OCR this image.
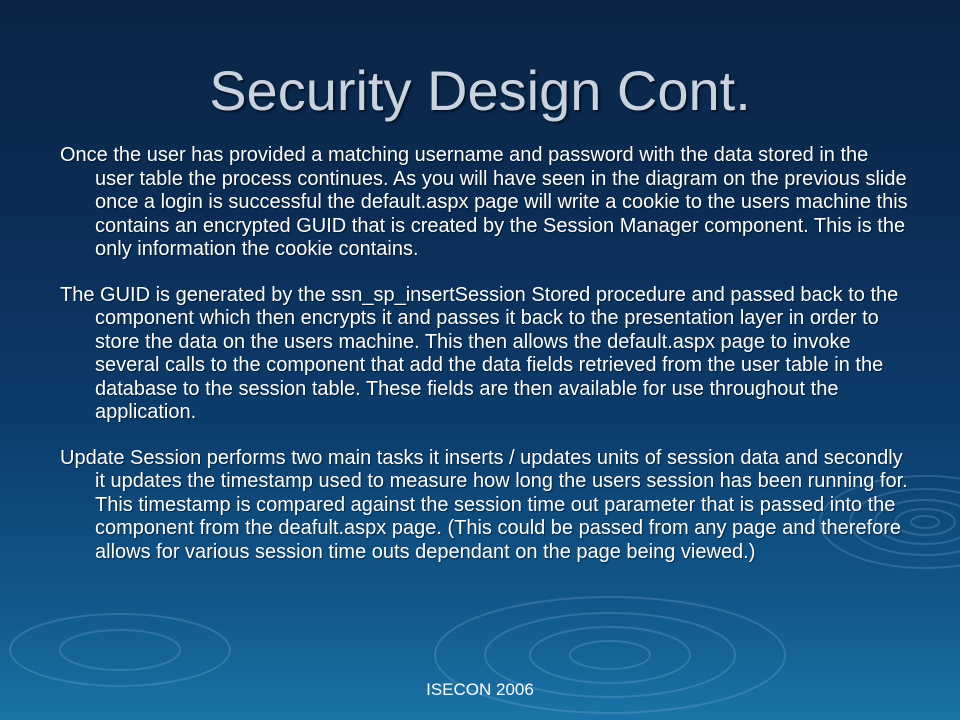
Security Design Cont.

Once the user has provided a matching username and password with the data stored in the user table the process continues. As you will have seen in the diagram on the previous slide once a login is successful the default.aspx page will write a cookie to the users machine this contains an encrypted GUID that is created by the Session Manager component. This is the only information the cookie contains.

The GUID is generated by the ssn_sp_insertSession Stored procedure and passed back to the component which then encrypts it and passes it back to the presentation layer in order to store the data on the users machine. This then allows the default.aspx page to invoke several calls to the component that add the data fields retrieved from the user table in the database to the session table. These fields are then available for use throughout the application.

Update Session performs two main tasks it inserts / updates units of session data and secondly it updates the timestamp used to measure how long the users session has been running for. This timestamp is compared against the session time out parameter that is passed into the component from the deafult.aspx page. (This could be passed from any page and therefore allows for various session time outs dependant on the page being viewed.)

ISECON 2006
